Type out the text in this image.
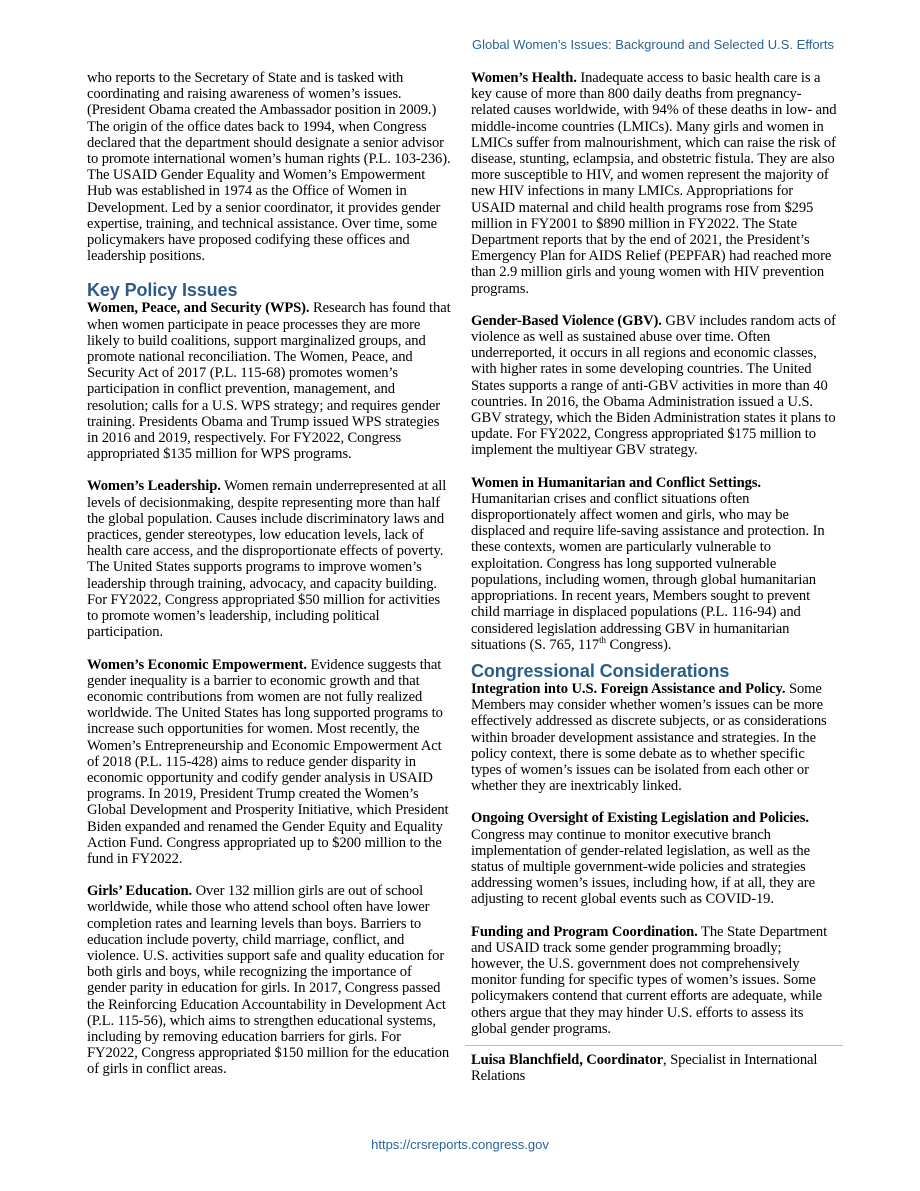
Global Women’s Issues: Background and Selected U.S. Efforts

who reports to the Secretary of State and is tasked with coordinating and raising awareness of women’s issues. (President Obama created the Ambassador position in 2009.) The origin of the office dates back to 1994, when Congress declared that the department should designate a senior advisor to promote international women’s human rights (P.L. 103-236). The USAID Gender Equality and Women’s Empowerment Hub was established in 1974 as the Office of Women in Development. Led by a senior coordinator, it provides gender expertise, training, and technical assistance. Over time, some policymakers have proposed codifying these offices and leadership positions.

Key Policy Issues

Women, Peace, and Security (WPS). Research has found that when women participate in peace processes they are more likely to build coalitions, support marginalized groups, and promote national reconciliation. The Women, Peace, and Security Act of 2017 (P.L. 115-68) promotes women’s participation in conflict prevention, management, and resolution; calls for a U.S. WPS strategy; and requires gender training. Presidents Obama and Trump issued WPS strategies in 2016 and 2019, respectively. For FY2022, Congress appropriated $135 million for WPS programs.

Women’s Leadership. Women remain underrepresented at all levels of decisionmaking, despite representing more than half the global population. Causes include discriminatory laws and practices, gender stereotypes, low education levels, lack of health care access, and the disproportionate effects of poverty. The United States supports programs to improve women’s leadership through training, advocacy, and capacity building. For FY2022, Congress appropriated $50 million for activities to promote women’s leadership, including political participation.

Women’s Economic Empowerment. Evidence suggests that gender inequality is a barrier to economic growth and that economic contributions from women are not fully realized worldwide. The United States has long supported programs to increase such opportunities for women. Most recently, the Women’s Entrepreneurship and Economic Empowerment Act of 2018 (P.L. 115-428) aims to reduce gender disparity in economic opportunity and codify gender analysis in USAID programs. In 2019, President Trump created the Women’s Global Development and Prosperity Initiative, which President Biden expanded and renamed the Gender Equity and Equality Action Fund. Congress appropriated up to $200 million to the fund in FY2022.

Girls’ Education. Over 132 million girls are out of school worldwide, while those who attend school often have lower completion rates and learning levels than boys. Barriers to education include poverty, child marriage, conflict, and violence. U.S. activities support safe and quality education for both girls and boys, while recognizing the importance of gender parity in education for girls. In 2017, Congress passed the Reinforcing Education Accountability in Development Act (P.L. 115-56), which aims to strengthen educational systems, including by removing education barriers for girls. For FY2022, Congress appropriated $150 million for the education of girls in conflict areas.

Women’s Health. Inadequate access to basic health care is a key cause of more than 800 daily deaths from pregnancy-related causes worldwide, with 94% of these deaths in low- and middle-income countries (LMICs). Many girls and women in LMICs suffer from malnourishment, which can raise the risk of disease, stunting, eclampsia, and obstetric fistula. They are also more susceptible to HIV, and women represent the majority of new HIV infections in many LMICs. Appropriations for USAID maternal and child health programs rose from $295 million in FY2001 to $890 million in FY2022. The State Department reports that by the end of 2021, the President’s Emergency Plan for AIDS Relief (PEPFAR) had reached more than 2.9 million girls and young women with HIV prevention programs.

Gender-Based Violence (GBV). GBV includes random acts of violence as well as sustained abuse over time. Often underreported, it occurs in all regions and economic classes, with higher rates in some developing countries. The United States supports a range of anti-GBV activities in more than 40 countries. In 2016, the Obama Administration issued a U.S. GBV strategy, which the Biden Administration states it plans to update. For FY2022, Congress appropriated $175 million to implement the multiyear GBV strategy.

Women in Humanitarian and Conflict Settings. Humanitarian crises and conflict situations often disproportionately affect women and girls, who may be displaced and require life-saving assistance and protection. In these contexts, women are particularly vulnerable to exploitation. Congress has long supported vulnerable populations, including women, through global humanitarian appropriations. In recent years, Members sought to prevent child marriage in displaced populations (P.L. 116-94) and considered legislation addressing GBV in humanitarian situations (S. 765, 117th Congress).

Congressional Considerations

Integration into U.S. Foreign Assistance and Policy. Some Members may consider whether women’s issues can be more effectively addressed as discrete subjects, or as considerations within broader development assistance and strategies. In the policy context, there is some debate as to whether specific types of women’s issues can be isolated from each other or whether they are inextricably linked.

Ongoing Oversight of Existing Legislation and Policies. Congress may continue to monitor executive branch implementation of gender-related legislation, as well as the status of multiple government-wide policies and strategies addressing women’s issues, including how, if at all, they are adjusting to recent global events such as COVID-19.

Funding and Program Coordination. The State Department and USAID track some gender programming broadly; however, the U.S. government does not comprehensively monitor funding for specific types of women’s issues. Some policymakers contend that current efforts are adequate, while others argue that they may hinder U.S. efforts to assess its global gender programs.

Luisa Blanchfield, Coordinator, Specialist in International Relations

https://crsreports.congress.gov
